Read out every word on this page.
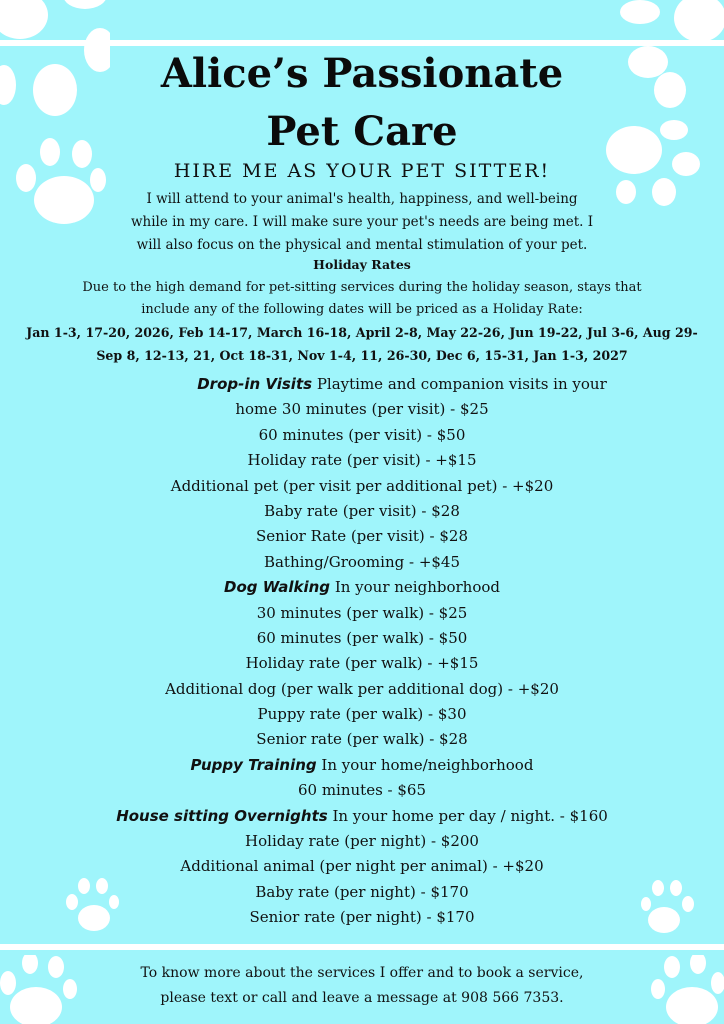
Alice’s Passionate
Pet Care
HIRE ME AS YOUR PET SITTER!
I will attend to your animal's health, happiness, and well-being
while in my care. I will make sure your pet's needs are being met. I
will also focus on the physical and mental stimulation of your pet.
Holiday Rates
Due to the high demand for pet-sitting services during the holiday season, stays that
include any of the following dates will be priced as a Holiday Rate:
Jan 1-3, 17-20, 2026, Feb 14-17, March 16-18, April 2-8, May 22-26, Jun 19-22, Jul 3-6, Aug 29-
Sep 8, 12-13, 21, Oct 18-31, Nov 1-4, 11, 26-30, Dec 6, 15-31, Jan 1-3, 2027
Drop-in Visits Playtime and companion visits in your
home 30 minutes (per visit) - $25
60 minutes (per visit) - $50
Holiday rate (per visit) - +$15
Additional pet (per visit per additional pet) - +$20
Baby rate (per visit) - $28
Senior Rate (per visit) - $28
Bathing/Grooming - +$45
Dog Walking In your neighborhood
30 minutes (per walk) - $25
60 minutes (per walk) - $50
Holiday rate (per walk) - +$15
Additional dog (per walk per additional dog) - +$20
Puppy rate (per walk) - $30
Senior rate (per walk) - $28
Puppy Training In your home/neighborhood
60 minutes - $65
House sitting Overnights In your home per day / night. - $160
Holiday rate (per night) - $200
Additional animal (per night per animal) - +$20
Baby rate (per night) - $170
Senior rate (per night) - $170
To know more about the services I offer and to book a service,
please text or call and leave a message at 908 566 7353.
